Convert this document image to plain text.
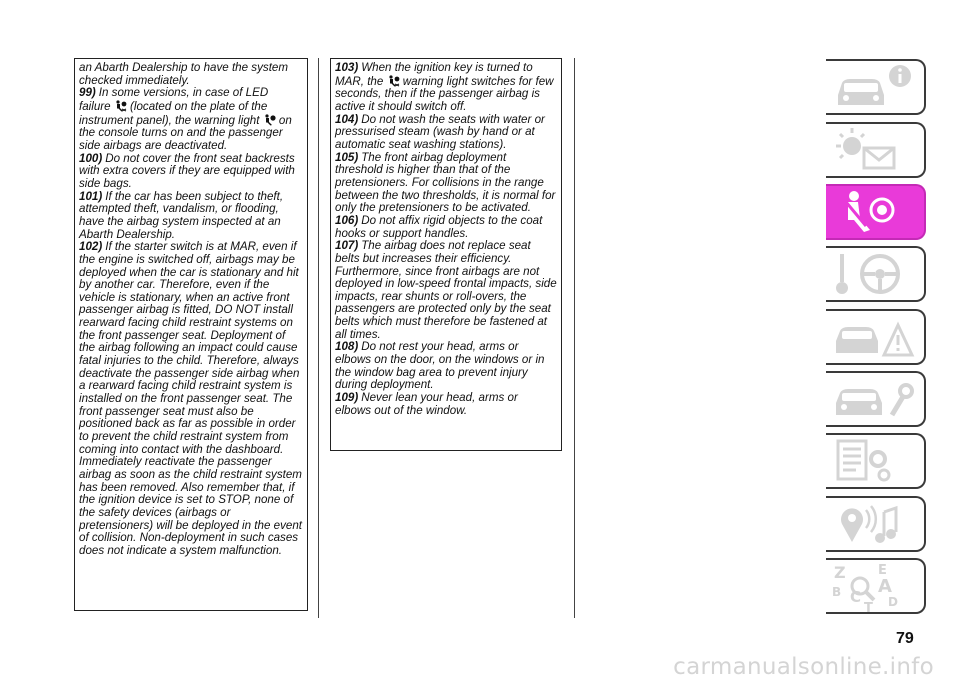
an Abarth Dealership to have the system checked immediately.

99) In some versions, in case of LED failure  (located on the plate of the instrument panel), the warning light  on the console turns on and the passenger side airbags are deactivated.

100) Do not cover the front seat backrests with extra covers if they are equipped with side bags.

101) If the car has been subject to theft, attempted theft, vandalism, or flooding, have the airbag system inspected at an Abarth Dealership.

102) If the starter switch is at MAR, even if the engine is switched off, airbags may be deployed when the car is stationary and hit by another car. Therefore, even if the vehicle is stationary, when an active front passenger airbag is fitted, DO NOT install rearward facing child restraint systems on the front passenger seat. Deployment of the airbag following an impact could cause fatal injuries to the child. Therefore, always deactivate the passenger side airbag when a rearward facing child restraint system is installed on the front passenger seat. The front passenger seat must also be positioned back as far as possible in order to prevent the child restraint system from coming into contact with the dashboard. Immediately reactivate the passenger airbag as soon as the child restraint system has been removed. Also remember that, if the ignition device is set to STOP, none of the safety devices (airbags or pretensioners) will be deployed in the event of collision. Non-deployment in such cases does not indicate a system malfunction.

103) When the ignition key is turned to MAR, the  warning light switches for few seconds, then if the passenger airbag is active it should switch off.

104) Do not wash the seats with water or pressurised steam (wash by hand or at automatic seat washing stations).

105) The front airbag deployment threshold is higher than that of the pretensioners. For collisions in the range between the two thresholds, it is normal for only the pretensioners to be activated.

106) Do not affix rigid objects to the coat hooks or support handles.

107) The airbag does not replace seat belts but increases their efficiency. Furthermore, since front airbags are not deployed in low-speed frontal impacts, side impacts, rear shunts or roll-overs, the passengers are protected only by the seat belts which must therefore be fastened at all times.

108) Do not rest your head, arms or elbows on the door, on the windows or in the window bag area to prevent injury during deployment.

109) Never lean your head, arms or elbows out of the window.

Z E
B A
C D
T
79
carmanualsonline.info
